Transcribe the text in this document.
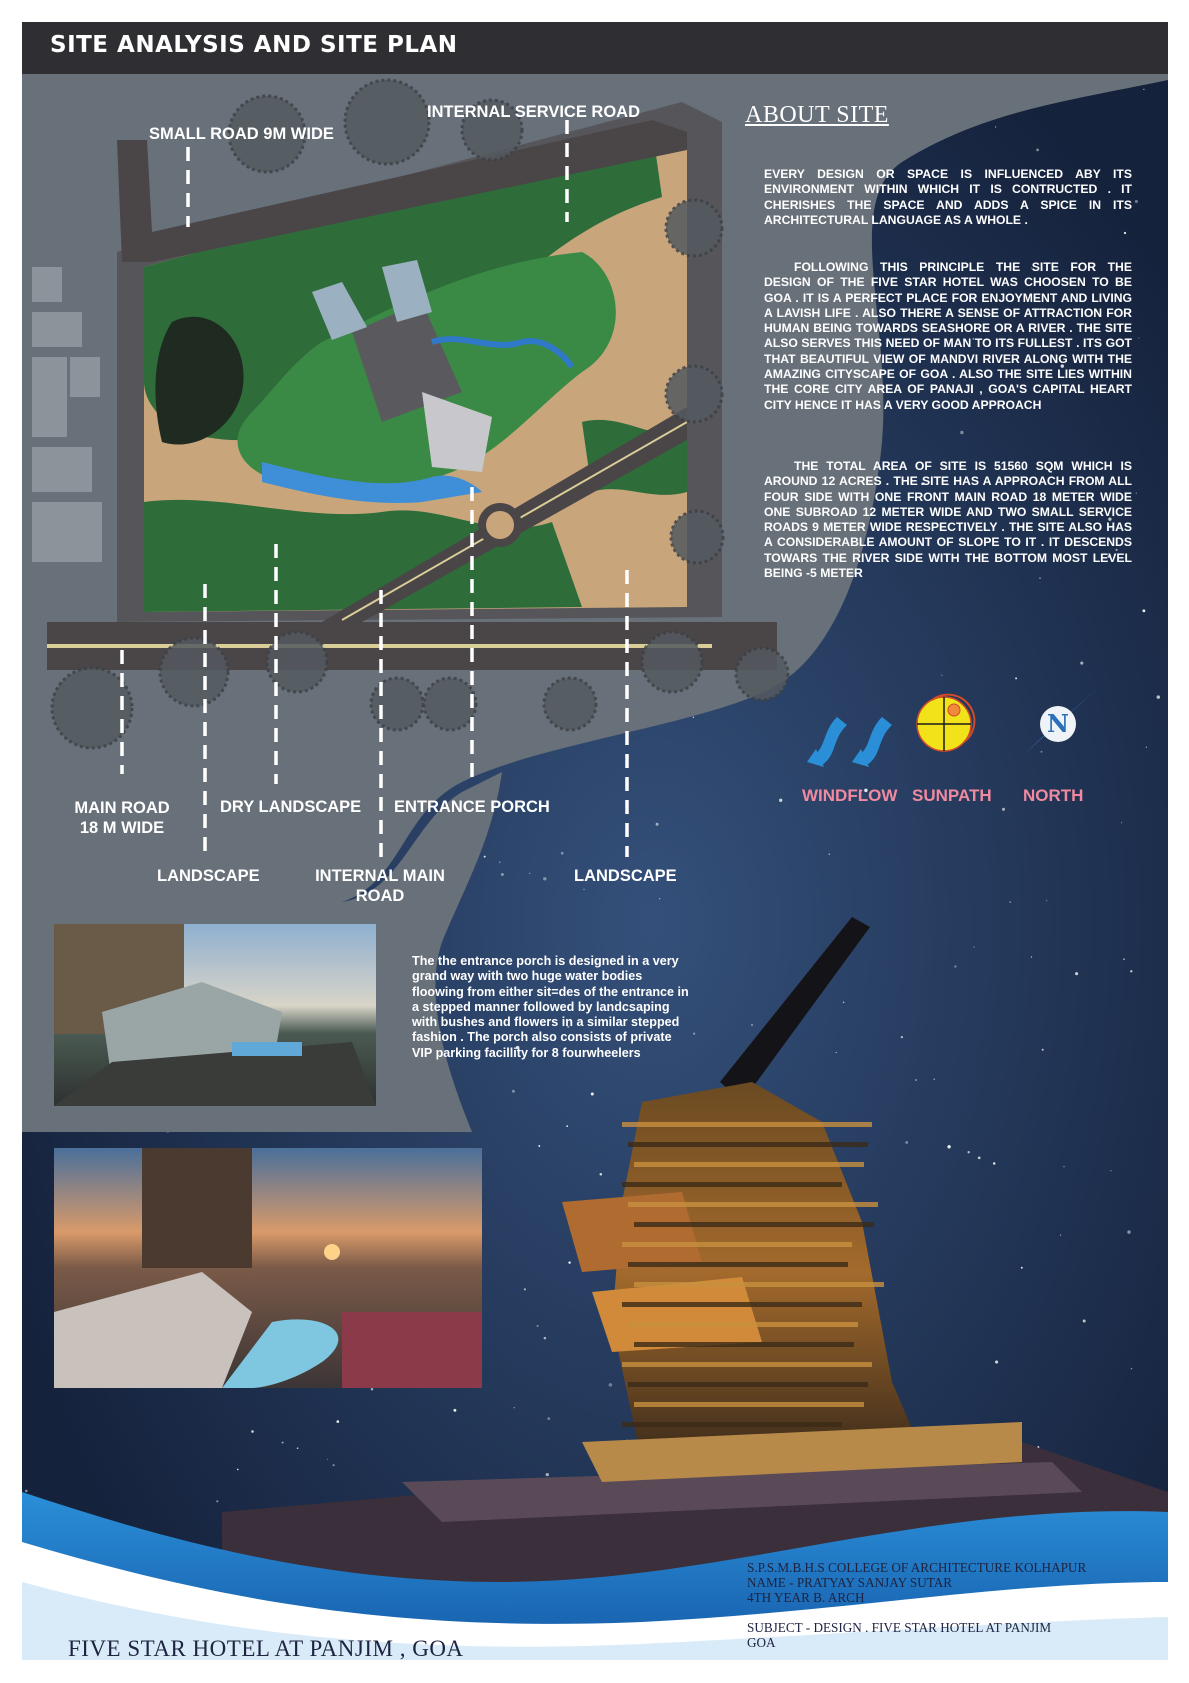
N
SITE ANALYSIS AND SITE PLAN
SMALL ROAD 9M WIDE
INTERNAL SERVICE ROAD
MAIN ROAD
18 M WIDE
DRY LANDSCAPE ENTRANCE PORCH
LANDSCAPE	INTERNAL MAIN
ROAD
LANDSCAPE
ABOUT SITE
EVERY DESIGN OR SPACE IS INFLUENCED ABY ITS ENVIRONMENT WITHIN WHICH IT IS CONTRUCTED . IT CHERISHES THE SPACE AND ADDS A SPICE IN ITS ARCHITECTURAL LANGUAGE AS A WHOLE .
FOLLOWING THIS PRINCIPLE THE SITE FOR THE DESIGN OF THE FIVE STAR HOTEL WAS CHOOSEN TO BE GOA . IT IS A PERFECT PLACE FOR ENJOYMENT AND LIVING A LAVISH LIFE . ALSO THERE A SENSE OF ATTRACTION FOR HUMAN BEING TOWARDS SEASHORE OR A RIVER . THE SITE ALSO SERVES THIS NEED OF MAN TO ITS FULLEST . ITS GOT THAT BEAUTIFUL VIEW OF MANDVI RIVER ALONG WITH THE AMAZING CITYSCAPE OF GOA . ALSO THE SITE LIES WITHIN THE CORE CITY AREA OF PANAJI , GOA'S CAPITAL HEART CITY HENCE IT HAS A VERY GOOD APPROACH
THE TOTAL AREA OF SITE IS 51560 SQM WHICH IS AROUND 12 ACRES . THE SITE HAS A APPROACH FROM ALL FOUR SIDE WITH ONE FRONT MAIN ROAD 18 METER WIDE ONE SUBROAD 12 METER WIDE AND TWO SMALL SERVICE ROADS 9 METER WIDE RESPECTIVELY . THE SITE ALSO HAS A CONSIDERABLE AMOUNT OF SLOPE TO IT . IT DESCENDS TOWARS THE RIVER SIDE WITH THE BOTTOM MOST LEVEL BEING -5 METER
WINDFLOW SUNPATH NORTH
The the entrance porch is designed in a very grand way with two huge water bodies floowing from either sit=des of the entrance in a stepped manner followed by landcsaping with bushes and flowers in a similar stepped fashion . The porch also consists of private VIP parking facillity for 8 fourwheelers
FIVE STAR HOTEL AT PANJIM , GOA
S.P.S.M.B.H.S COLLEGE OF ARCHITECTURE KOLHAPUR
NAME - PRATYAY SANJAY SUTAR
4TH YEAR B. ARCH
SUBJECT - DESIGN . FIVE STAR HOTEL AT PANJIM
GOA
